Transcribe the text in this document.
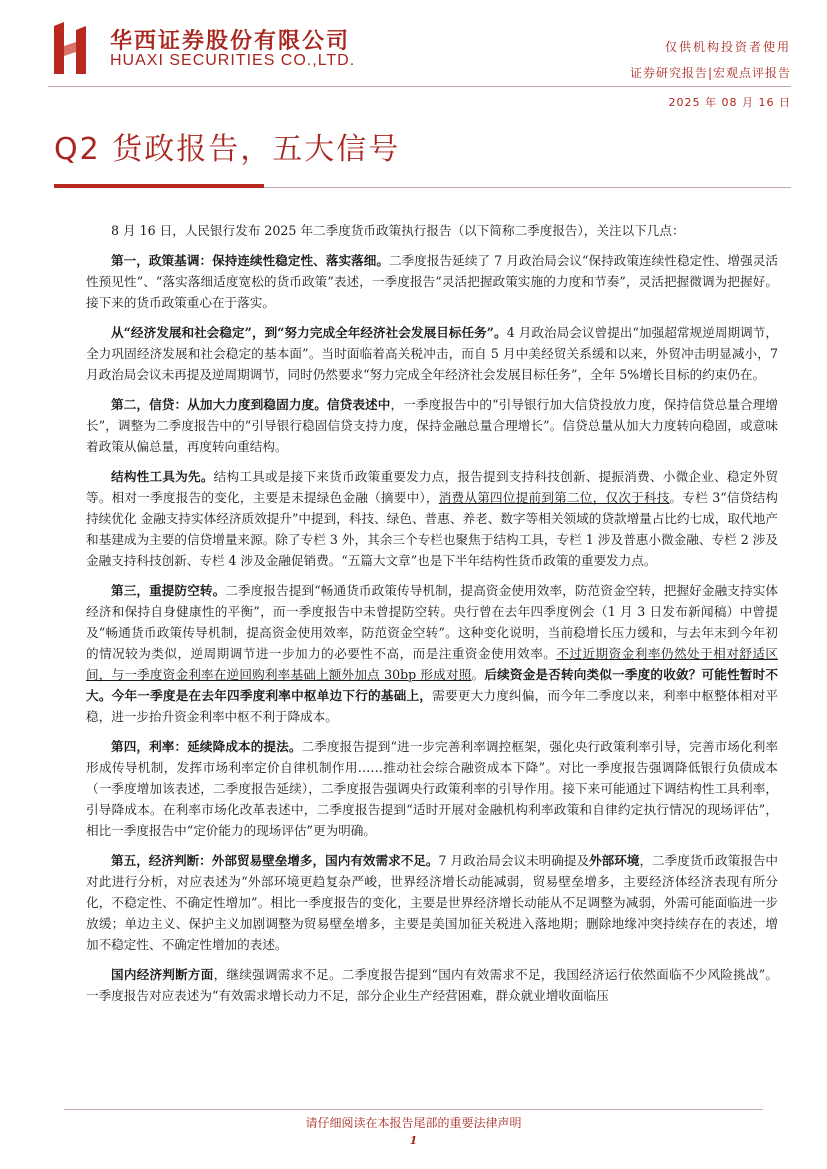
华西证券股份有限公司
HUAXI SECURITIES CO.,LTD.
仅供机构投资者使用
证券研究报告|宏观点评报告
2025 年 08 月 16 日
Q2 货政报告，五大信号

8 月 16 日，人民银行发布 2025 年二季度货币政策执行报告（以下简称二季度报告），关注以下几点：

第一，政策基调：保持连续性稳定性、落实落细。二季度报告延续了 7 月政治局会议“保持政策连续性稳定性、增强灵活性预见性”、“落实落细适度宽松的货币政策”表述，一季度报告“灵活把握政策实施的力度和节奏”，灵活把握微调为把握好。接下来的货币政策重心在于落实。

从“经济发展和社会稳定”，到“努力完成全年经济社会发展目标任务”。4 月政治局会议曾提出“加强超常规逆周期调节，全力巩固经济发展和社会稳定的基本面”。当时面临着高关税冲击，而自 5 月中美经贸关系缓和以来，外贸冲击明显减小，7 月政治局会议未再提及逆周期调节，同时仍然要求“努力完成全年经济社会发展目标任务”，全年 5%增长目标的约束仍在。

第二，信贷：从加大力度到稳固力度。信贷表述中，一季度报告中的“引导银行加大信贷投放力度，保持信贷总量合理增长”，调整为二季度报告中的“引导银行稳固信贷支持力度，保持金融总量合理增长”。信贷总量从加大力度转向稳固，或意味着政策从偏总量，再度转向重结构。

结构性工具为先。结构工具或是接下来货币政策重要发力点，报告提到支持科技创新、提振消费、小微企业、稳定外贸等。相对一季度报告的变化，主要是未提绿色金融（摘要中），消费从第四位提前到第二位，仅次于科技。专栏 3“信贷结构持续优化 金融支持实体经济质效提升”中提到，科技、绿色、普惠、养老、数字等相关领域的贷款增量占比约七成，取代地产和基建成为主要的信贷增量来源。除了专栏 3 外，其余三个专栏也聚焦于结构工具，专栏 1 涉及普惠小微金融、专栏 2 涉及金融支持科技创新、专栏 4 涉及金融促销费。“五篇大文章”也是下半年结构性货币政策的重要发力点。

第三，重提防空转。二季度报告提到“畅通货币政策传导机制，提高资金使用效率，防范资金空转，把握好金融支持实体经济和保持自身健康性的平衡”，而一季度报告中未曾提防空转。央行曾在去年四季度例会（1 月 3 日发布新闻稿）中曾提及“畅通货币政策传导机制，提高资金使用效率，防范资金空转”。这种变化说明，当前稳增长压力缓和，与去年末到今年初的情况较为类似，逆周期调节进一步加力的必要性不高，而是注重资金使用效率。不过近期资金利率仍然处于相对舒适区间，与一季度资金利率在逆回购利率基础上额外加点 30bp 形成对照。后续资金是否转向类似一季度的收敛？可能性暂时不大。今年一季度是在去年四季度利率中枢单边下行的基础上，需要更大力度纠偏，而今年二季度以来，利率中枢整体相对平稳，进一步抬升资金利率中枢不利于降成本。

第四，利率：延续降成本的提法。二季度报告提到“进一步完善利率调控框架，强化央行政策利率引导，完善市场化利率形成传导机制，发挥市场利率定价自律机制作用……推动社会综合融资成本下降”。对比一季度报告强调降低银行负债成本（一季度增加该表述，二季度报告延续），二季度报告强调央行政策利率的引导作用。接下来可能通过下调结构性工具利率，引导降成本。在利率市场化改革表述中，二季度报告提到“适时开展对金融机构利率政策和自律约定执行情况的现场评估”，相比一季度报告中“定价能力的现场评估”更为明确。

第五，经济判断：外部贸易壁垒增多，国内有效需求不足。7 月政治局会议未明确提及外部环境，二季度货币政策报告中对此进行分析，对应表述为“外部环境更趋复杂严峻，世界经济增长动能减弱，贸易壁垒增多，主要经济体经济表现有所分化，不稳定性、不确定性增加”。相比一季度报告的变化，主要是世界经济增长动能从不足调整为减弱，外需可能面临进一步放缓；单边主义、保护主义加剧调整为贸易壁垒增多，主要是美国加征关税进入落地期；删除地缘冲突持续存在的表述，增加不稳定性、不确定性增加的表述。

国内经济判断方面，继续强调需求不足。二季度报告提到“国内有效需求不足，我国经济运行依然面临不少风险挑战”。一季度报告对应表述为“有效需求增长动力不足，部分企业生产经营困难，群众就业增收面临压

请仔细阅读在本报告尾部的重要法律声明
1
